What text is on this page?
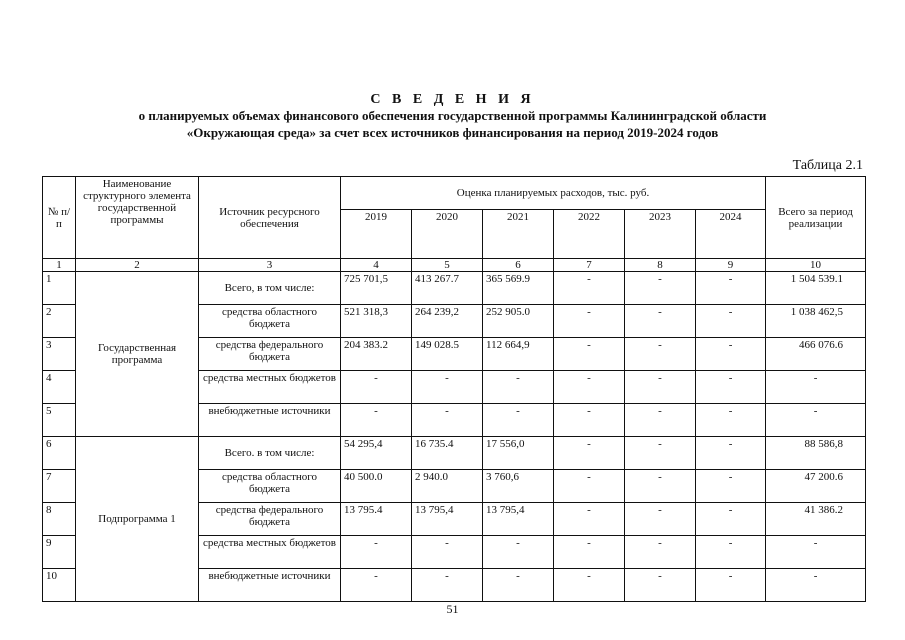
С В Е Д Е Н И Я
о планируемых объемах финансового обеспечения государственной программы Калининградской области
«Окружающая среда» за счет всех источников финансирования на период 2019-2024 годов
Таблица 2.1
№ п/п	Наименование структурного элемента государственной программы	Источник ресурсного обеспечения	Оценка планируемых расходов, тыс. руб.						Всего за период реализации
			2019	2020	2021	2022	2023	2024	
1	2	3	4	5	6	7	8	9	10
1	Государственная программа	Всего, в том числе:	725 701,5	413 267.7	365 569.9	-	-	-	1 504 539.1
2		средства областного бюджета	521 318,3	264 239,2	252 905.0	-	-	-	1 038 462,5
3		средства федерального бюджета	204 383.2	149 028.5	112 664,9	-	-	-	466 076.6
4		средства местных бюджетов	-	-	-	-	-	-	-
5		внебюджетные источники	-	-	-	-	-	-	-
6	Подпрограмма 1	Всего. в том числе:	54 295,4	16 735.4	17 556,0	-	-	-	88 586,8
7		средства областного бюджета	40 500.0	2 940.0	3 760,6	-	-	-	47 200.6
8		средства федерального бюджета	13 795.4	13 795,4	13 795,4	-	-	-	41 386.2
9		средства местных бюджетов	-	-	-	-	-	-	-
10		внебюджетные источники	-	-	-	-	-	-	-
51
